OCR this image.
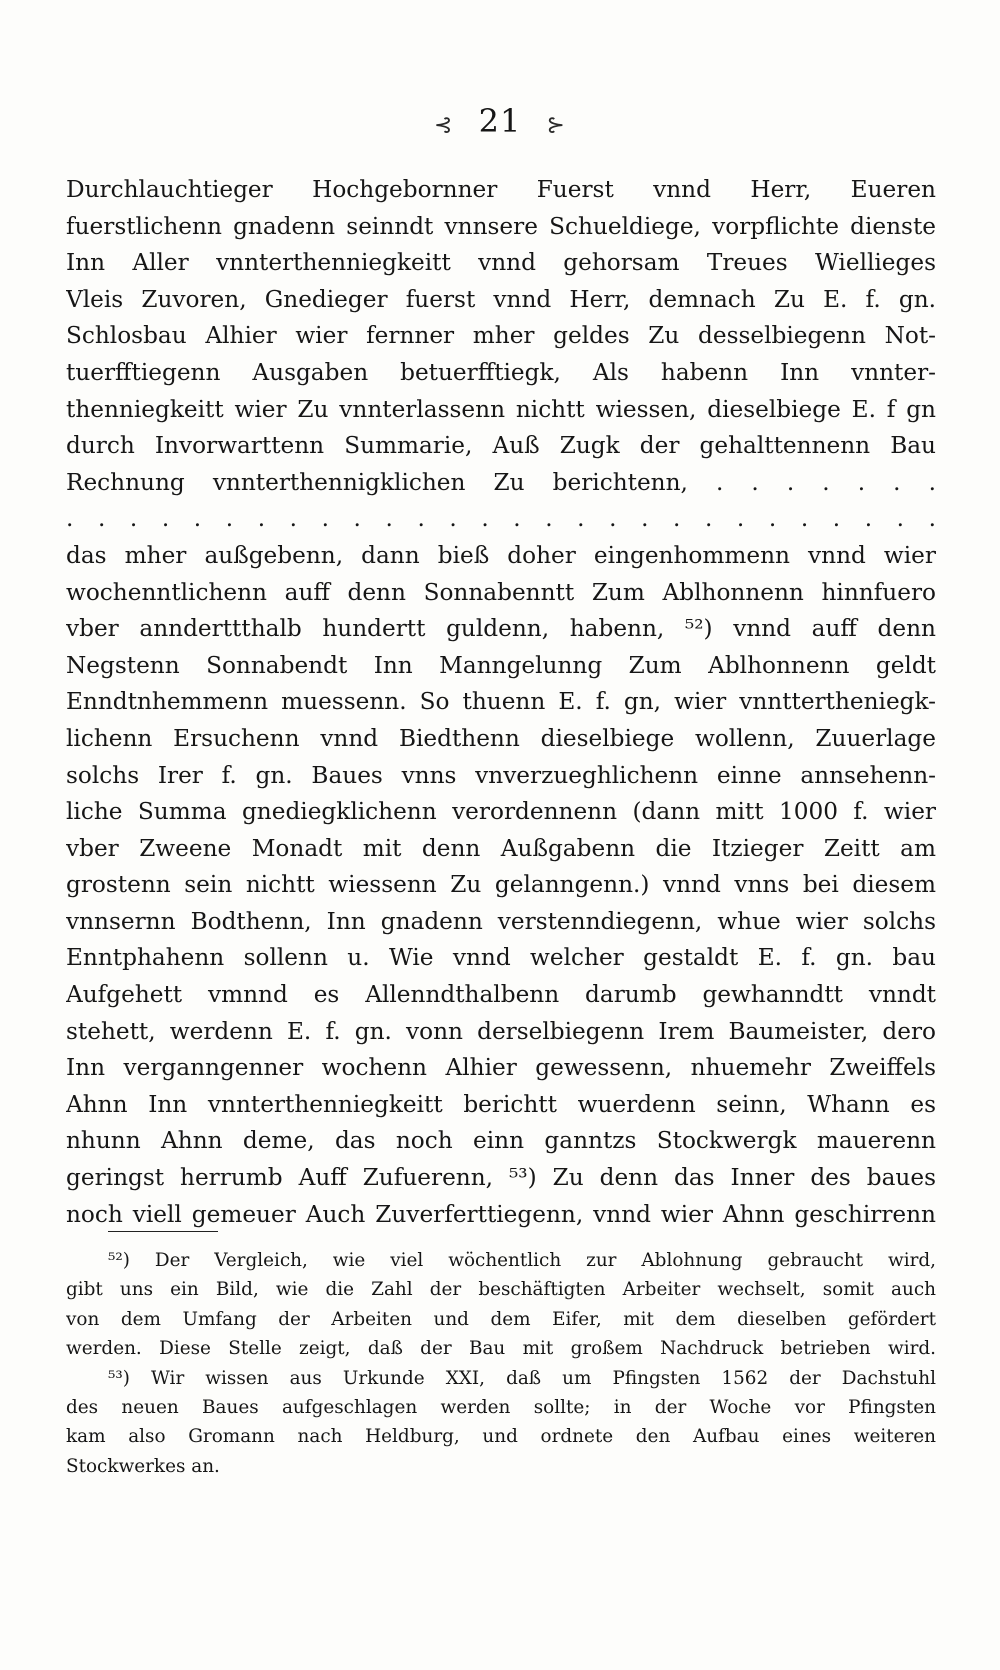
⊰ 21 ⊱
Durchlauchtieger Hochgebornner Fuerst vnnd Herr, Eueren
fuerstlichenn gnadenn seinndt vnnsere Schueldiege, vorpflichte dienste
Inn Aller vnnterthenniegkeitt vnnd gehorsam Treues Wiellieges
Vleis Zuvoren, Gnedieger fuerst vnnd Herr, demnach Zu E. f. gn.
Schlosbau Alhier wier fernner mher geldes Zu desselbiegenn Not-
tuerfftiegenn Ausgaben betuerfftiegk, Als habenn Inn vnnter-
thenniegkeitt wier Zu vnnterlassenn nichtt wiessen, dieselbiege E. f gn
durch Invorwarttenn Summarie, Auß Zugk der gehalttennenn Bau
Rechnung vnnterthennigklichen Zu berichtenn, . . . . . . .
. . . . . . . . . . . . . . . . . . . . . . . . . . . .
das mher außgebenn, dann bieß doher eingenhommenn vnnd wier
wochenntlichenn auff denn Sonnabenntt Zum Ablhonnenn hinnfuero
vber annderttthalb hundertt guldenn, habenn, ⁵²) vnnd auff denn
Negstenn Sonnabendt Inn Manngelunng Zum Ablhonnenn geldt
Enndtnhemmenn muessenn. So thuenn E. f. gn, wier vnnttertheniegk-
lichenn Ersuchenn vnnd Biedthenn dieselbiege wollenn, Zuuerlage
solchs Irer f. gn. Baues vnns vnverzueghlichenn einne annsehenn-
liche Summa gnediegklichenn verordennenn (dann mitt 1000 f. wier
vber Zweene Monadt mit denn Außgabenn die Itzieger Zeitt am
grostenn sein nichtt wiessenn Zu gelanngenn.) vnnd vnns bei diesem
vnnsernn Bodthenn, Inn gnadenn verstenndiegenn, whue wier solchs
Enntphahenn sollenn u. Wie vnnd welcher gestaldt E. f. gn. bau
Aufgehett vmnnd es Allenndthalbenn darumb gewhanndtt vnndt
stehett, werdenn E. f. gn. vonn derselbiegenn Irem Baumeister, dero
Inn verganngenner wochenn Alhier gewessenn, nhuemehr Zweiffels
Ahnn Inn vnnterthenniegkeitt berichtt wuerdenn seinn, Whann es
nhunn Ahnn deme, das noch einn ganntzs Stockwergk mauerenn
geringst herrumb Auff Zufuerenn, ⁵³) Zu denn das Inner des baues
noch viell gemeuer Auch Zuverferttiegenn, vnnd wier Ahnn geschirrenn
⁵²) Der Vergleich, wie viel wöchentlich zur Ablohnung gebraucht wird,
gibt uns ein Bild, wie die Zahl der beschäftigten Arbeiter wechselt, somit auch
von dem Umfang der Arbeiten und dem Eifer, mit dem dieselben gefördert
werden. Diese Stelle zeigt, daß der Bau mit großem Nachdruck betrieben wird.
⁵³) Wir wissen aus Urkunde XXI, daß um Pfingsten 1562 der Dachstuhl
des neuen Baues aufgeschlagen werden sollte; in der Woche vor Pfingsten
kam also Gromann nach Heldburg, und ordnete den Aufbau eines weiteren
Stockwerkes an.
